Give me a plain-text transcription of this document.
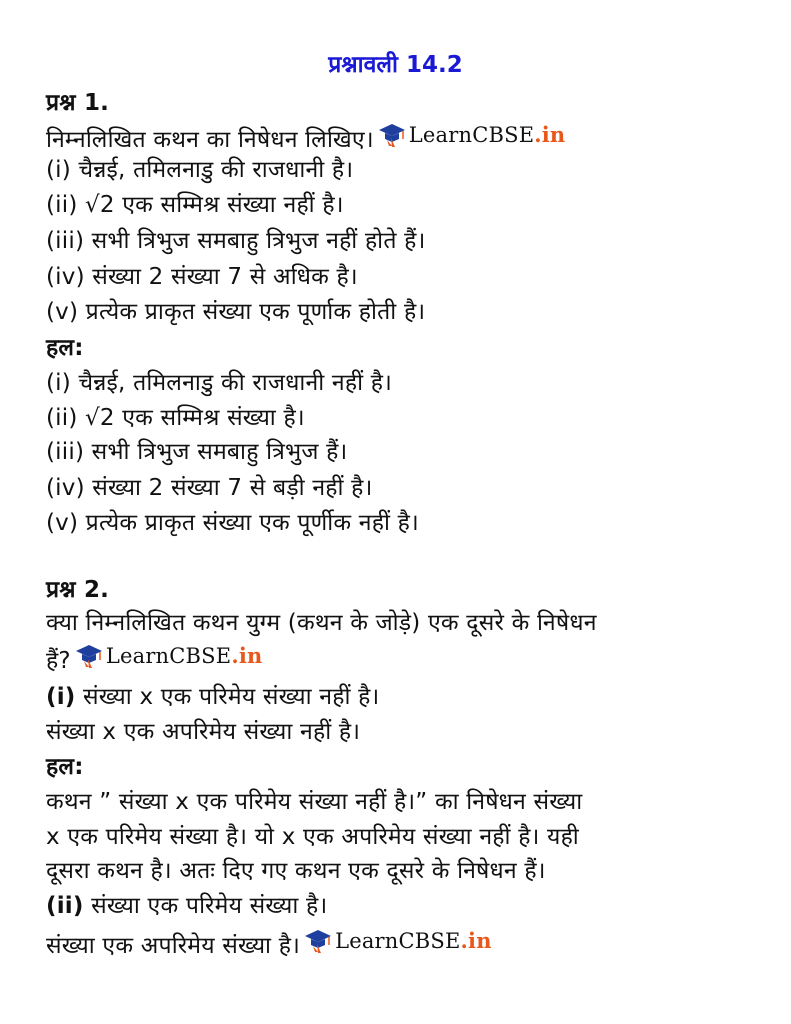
प्रश्नावली 14.2
प्रश्न 1.
निम्नलिखित कथन का निषेधन लिखिए। LearnCBSE .in
(i) चैन्नई, तमिलनाडु की राजधानी है।
(ii) √2 एक सम्मिश्र संख्या नहीं है।
(iii) सभी त्रिभुज समबाहु त्रिभुज नहीं होते हैं।
(iv) संख्या 2 संख्या 7 से अधिक है।
(v) प्रत्येक प्राकृत संख्या एक पूर्णाक होती है।
हल:
(i) चैन्नई, तमिलनाडु की राजधानी नहीं है।
(ii) √2 एक सम्मिश्र संख्या है।
(iii) सभी त्रिभुज समबाहु त्रिभुज हैं।
(iv) संख्या 2 संख्या 7 से बड़ी नहीं है।
(v) प्रत्येक प्राकृत संख्या एक पूर्णीक नहीं है।
प्रश्न 2.
क्या निम्नलिखित कथन युग्म (कथन के जोड़े) एक दूसरे के निषेधन
हैं? LearnCBSE .in
(i) संख्या x एक परिमेय संख्या नहीं है।
संख्या x एक अपरिमेय संख्या नहीं है।
हल:
कथन ” संख्या x एक परिमेय संख्या नहीं है।” का निषेधन संख्या
x एक परिमेय संख्या है। यो x एक अपरिमेय संख्या नहीं है। यही
दूसरा कथन है। अतः दिए गए कथन एक दूसरे के निषेधन हैं।
(ii) संख्या एक परिमेय संख्या है।
संख्या एक अपरिमेय संख्या है। LearnCBSE .in
